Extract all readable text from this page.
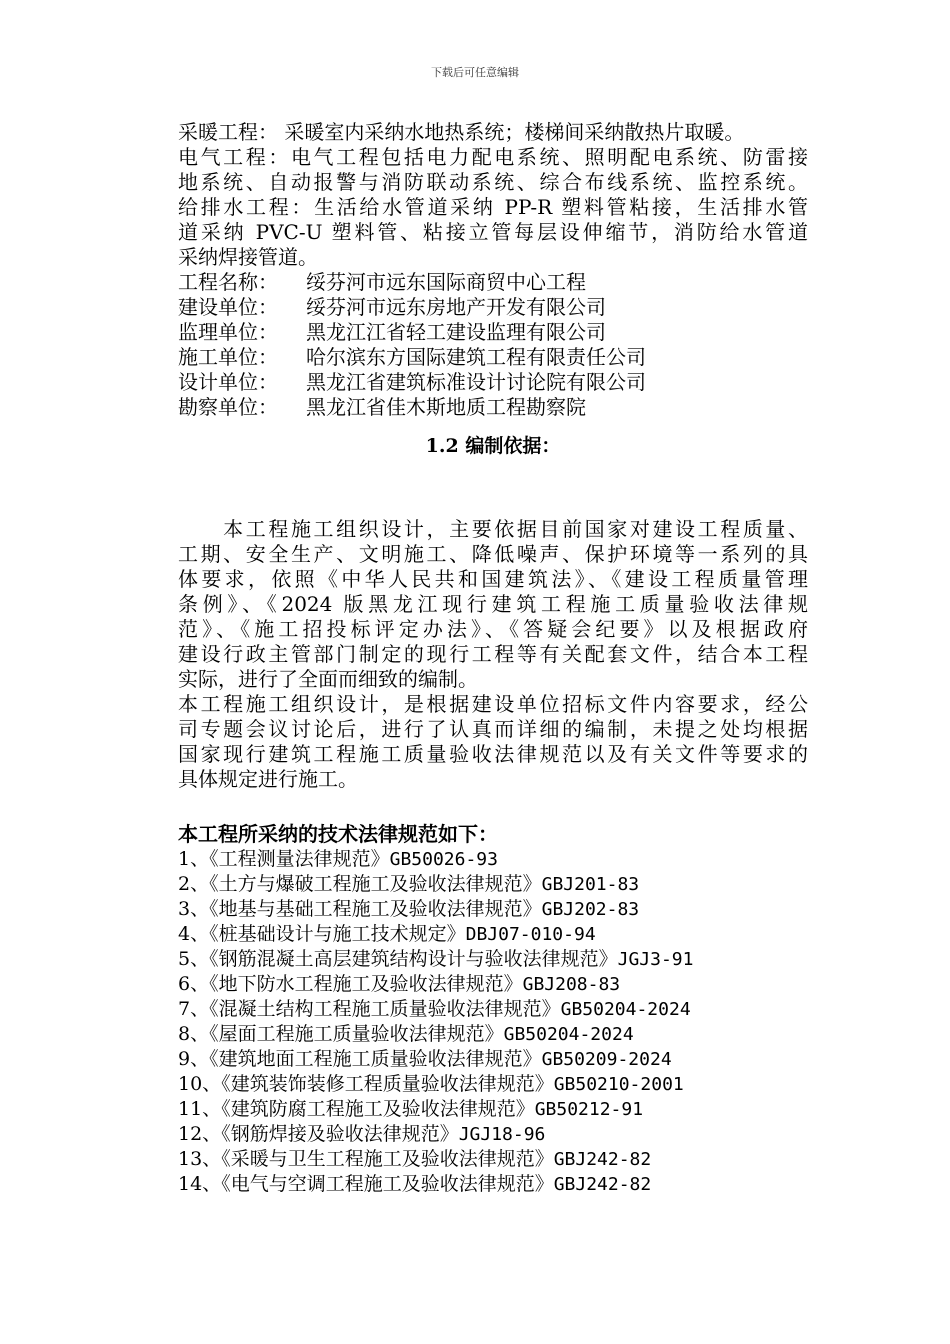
下载后可任意编辑
采暖工程： 采暖室内采纳水地热系统；楼梯间采纳散热片取暖。
电气工程：电气工程包括电力配电系统、照明配电系统、防雷接
地系统、自动报警与消防联动系统、综合布线系统、监控系统。
给排水工程：生活给水管道采纳 PP-R 塑料管粘接，生活排水管
道采纳 PVC-U 塑料管、粘接立管每层设伸缩节，消防给水管道
采纳焊接管道。
工程名称：	绥芬河市远东国际商贸中心工程
建设单位：	绥芬河市远东房地产开发有限公司
监理单位：	黑龙江江省轻工建设监理有限公司
施工单位：	哈尔滨东方国际建筑工程有限责任公司
设计单位：	黑龙江省建筑标准设计讨论院有限公司
勘察单位：	黑龙江省佳木斯地质工程勘察院
1.2 编制依据：
　　本工程施工组织设计，主要依据目前国家对建设工程质量、
工期、安全生产、文明施工、降低噪声、保护环境等一系列的具
体要求，依照《中华人民共和国建筑法》、《建设工程质量管理
条例》、《2024 版黑龙江现行建筑工程施工质量验收法律规
范》、《施工招投标评定办法》、《答疑会纪要》以及根据政府
建设行政主管部门制定的现行工程等有关配套文件，结合本工程
实际，进行了全面而细致的编制。
本工程施工组织设计，是根据建设单位招标文件内容要求，经公
司专题会议讨论后，进行了认真而详细的编制，未提之处均根据
国家现行建筑工程施工质量验收法律规范以及有关文件等要求的
具体规定进行施工。
本工程所采纳的技术法律规范如下：
1、《工程测量法律规范》GB50026-93
2、《土方与爆破工程施工及验收法律规范》GBJ201-83
3、《地基与基础工程施工及验收法律规范》GBJ202-83
4、《桩基础设计与施工技术规定》DBJ07-010-94
5、《钢筋混凝土高层建筑结构设计与验收法律规范》JGJ3-91
6、《地下防水工程施工及验收法律规范》GBJ208-83
7、《混凝土结构工程施工质量验收法律规范》GB50204-2024
8、《屋面工程施工质量验收法律规范》GB50204-2024
9、《建筑地面工程施工质量验收法律规范》GB50209-2024
10、《建筑装饰装修工程质量验收法律规范》GB50210-2001
11、《建筑防腐工程施工及验收法律规范》GB50212-91
12、《钢筋焊接及验收法律规范》JGJ18-96
13、《采暖与卫生工程施工及验收法律规范》GBJ242-82
14、《电气与空调工程施工及验收法律规范》GBJ242-82
